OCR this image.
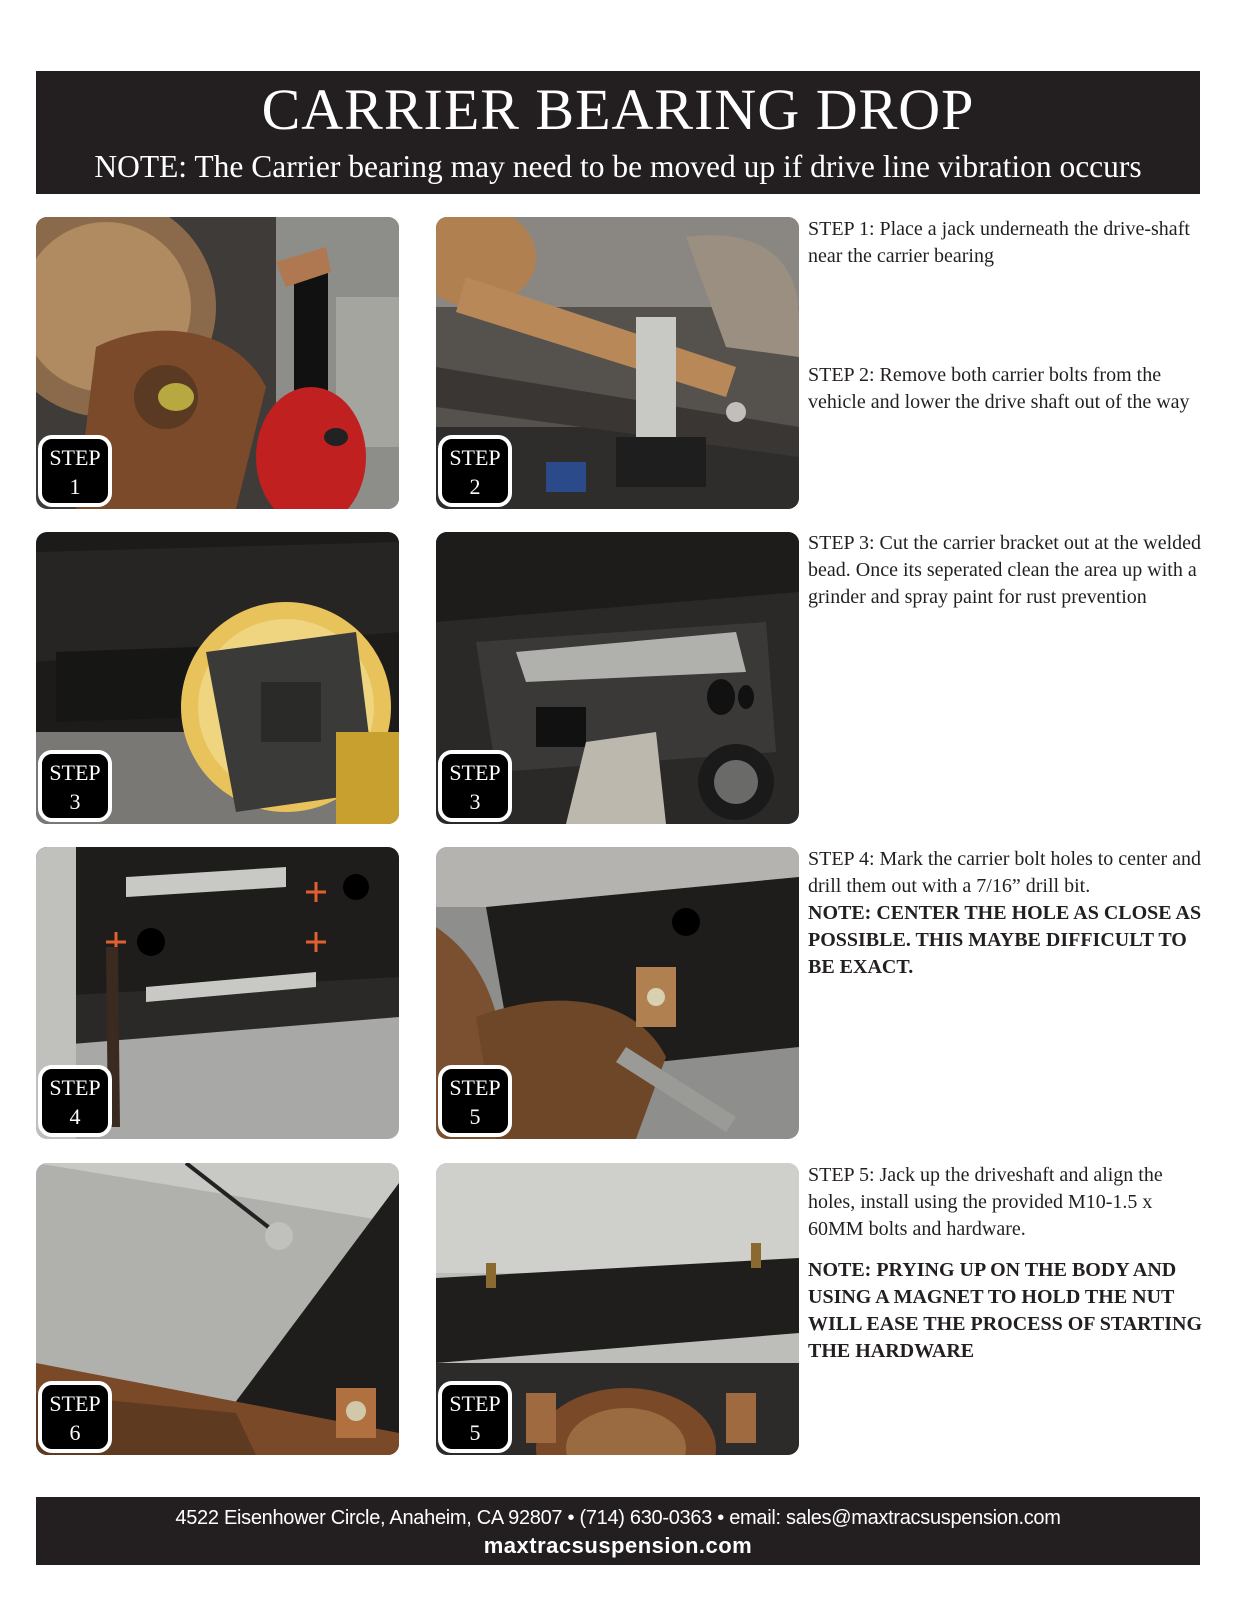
CARRIER BEARING DROP
NOTE: The Carrier bearing may need to be moved up if drive line vibration occurs
STEP
1
STEP
2
STEP
3
STEP
3
STEP
4
STEP
5
STEP
6
STEP
5
STEP 1: Place a jack underneath the drive-shaft near the carrier bearing
STEP 2: Remove both carrier bolts from the vehicle and lower the drive shaft out of the way
STEP 3: Cut the carrier bracket out at the welded bead. Once its seperated clean the area up with a grinder and spray paint for rust prevention
STEP 4: Mark the carrier bolt holes to center and drill them out with a 7/16” drill bit.
NOTE: CENTER THE HOLE AS CLOSE AS POSSIBLE. THIS MAYBE DIFFICULT TO BE EXACT.
STEP 5: Jack up the driveshaft and align the holes, install using the provided M10-1.5 x 60MM bolts and hardware.
NOTE: PRYING UP ON THE BODY AND USING A MAGNET TO HOLD THE NUT WILL EASE THE PROCESS OF STARTING THE HARDWARE
4522 Eisenhower Circle, Anaheim, CA 92807 • (714) 630-0363 • email: sales@maxtracsuspension.com
maxtracsuspension.com
